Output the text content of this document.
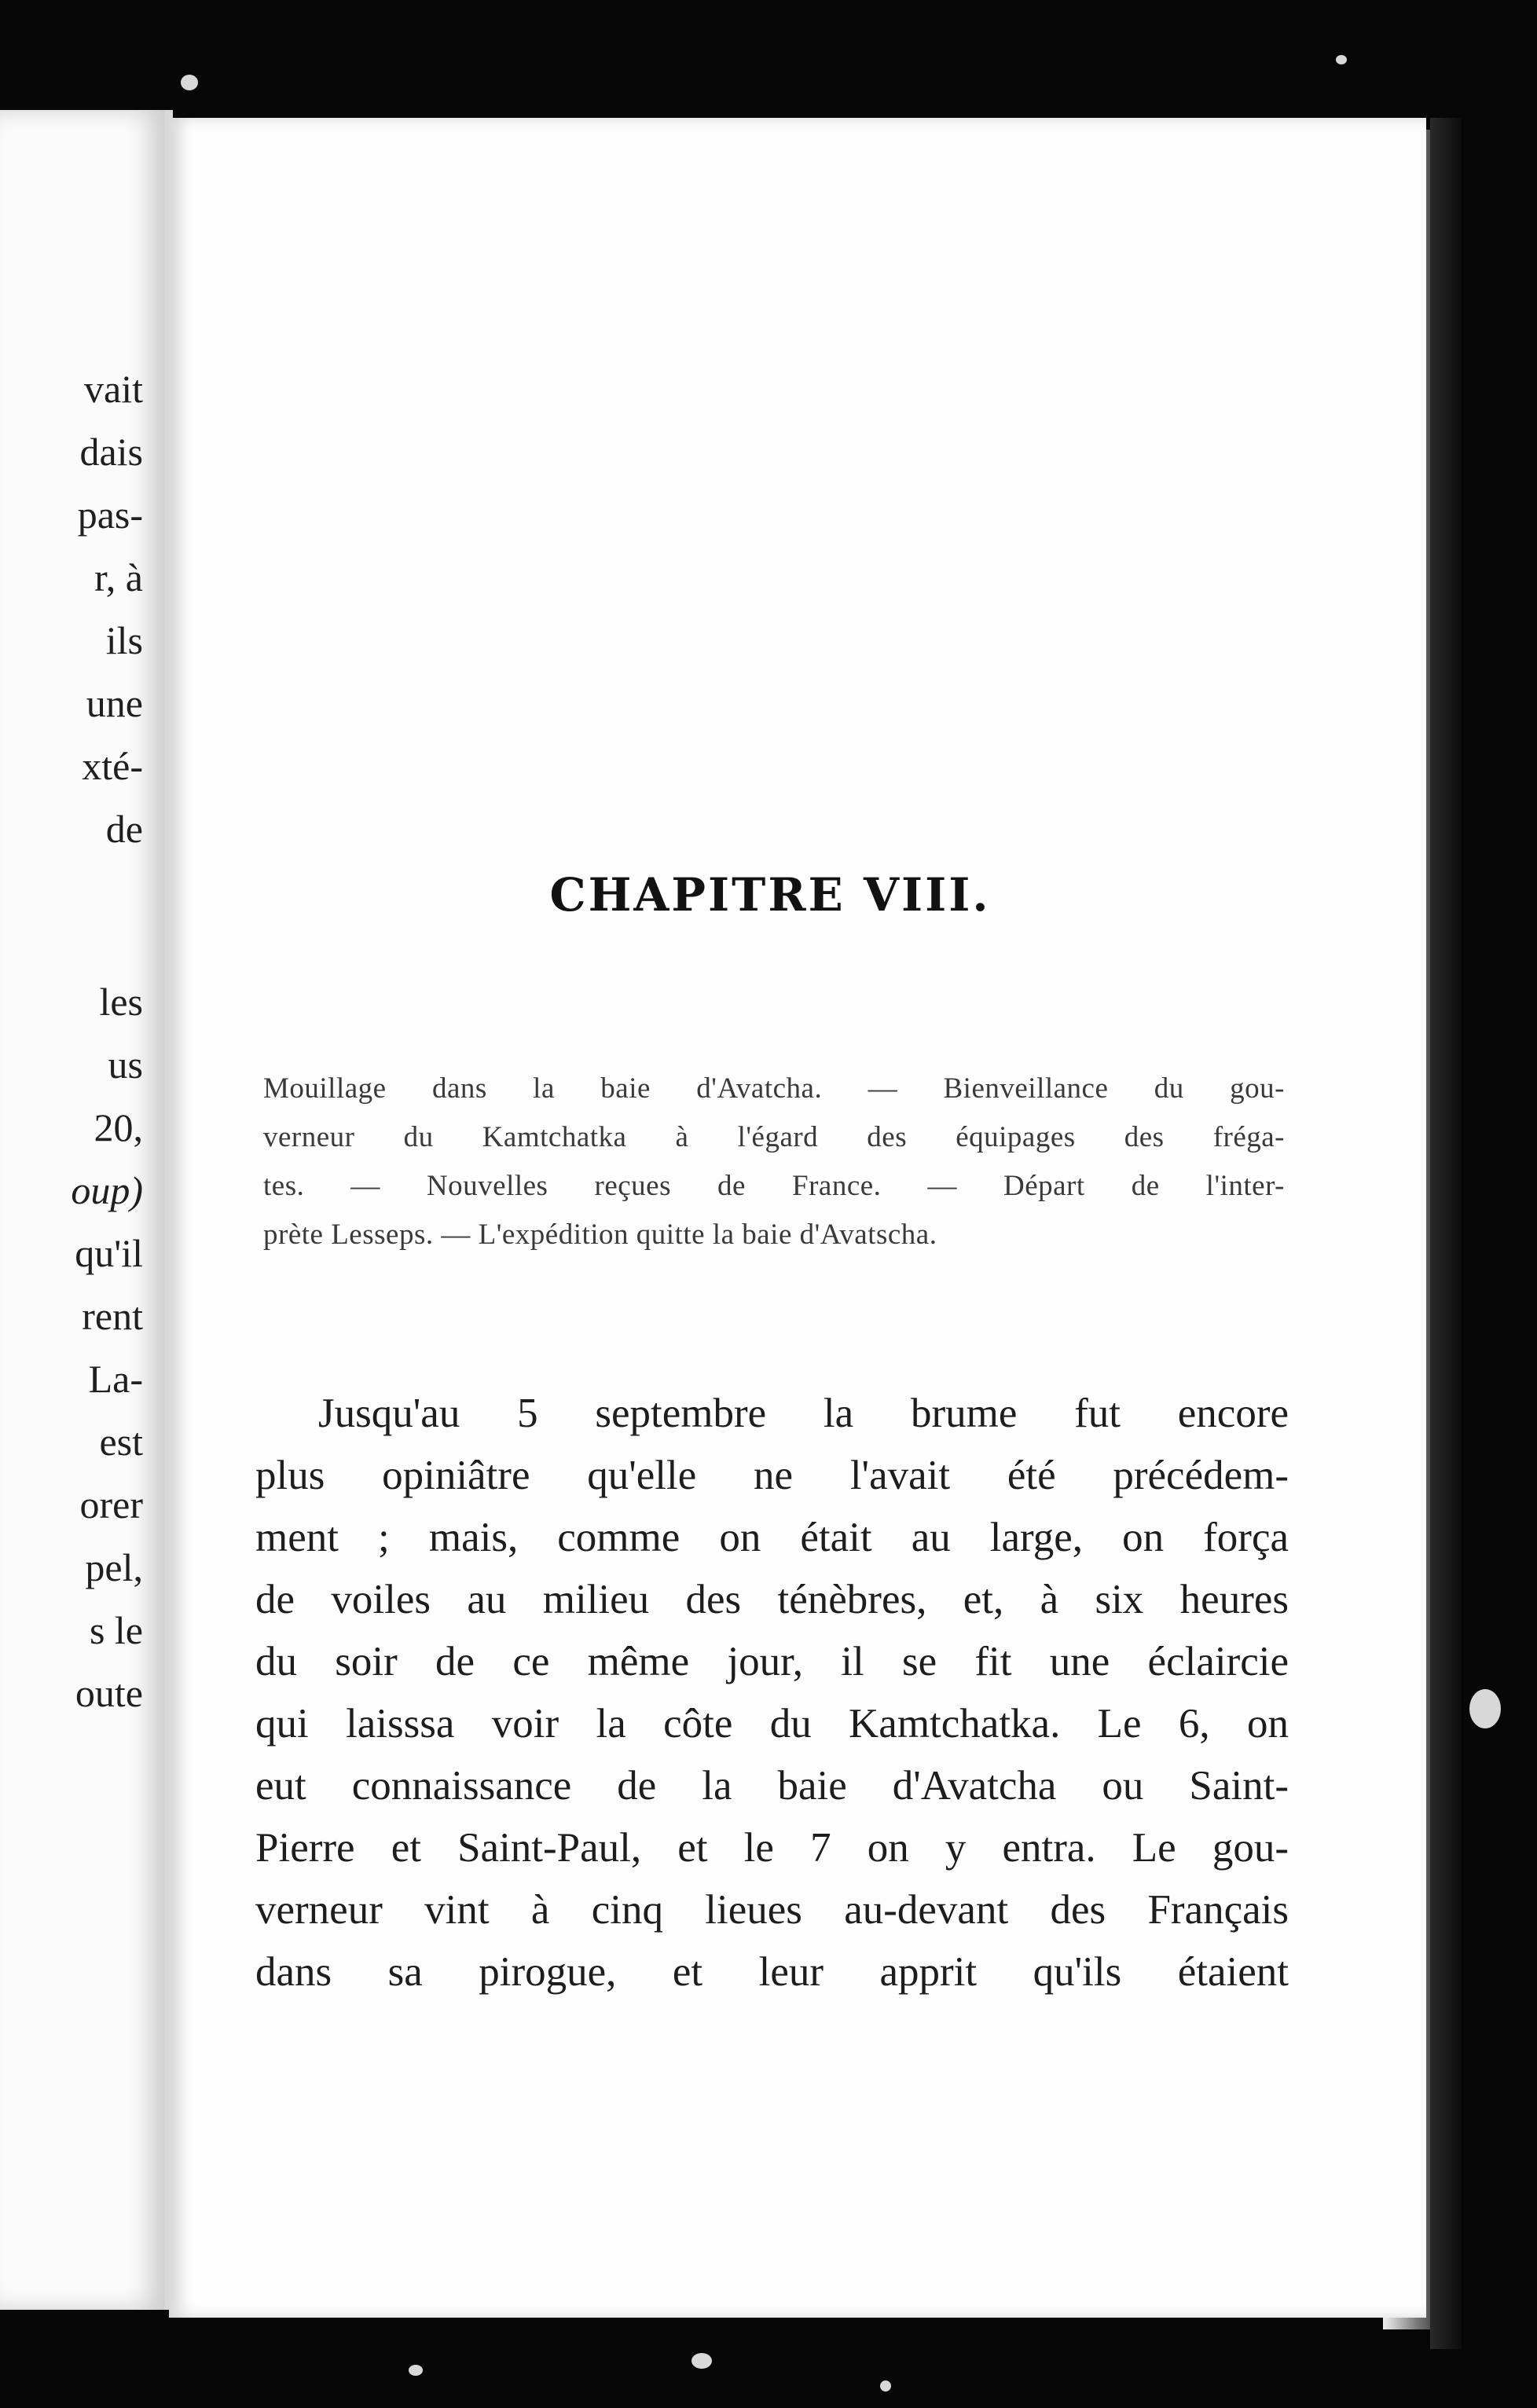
vait
dais
pas-
r, à
ils
une
xté-
de
les
us
20,
oup)
qu'il
rent
La-
est
orer
pel,
s le
oute
CHAPITRE VIII.
Mouillage dans la baie d'Avatcha. — Bienveillance du gou-
verneur du Kamtchatka à l'égard des équipages des fréga-
tes. — Nouvelles reçues de France. — Départ de l'inter-
prète Lesseps. — L'expédition quitte la baie d'Avatscha.
Jusqu'au 5 septembre la brume fut encore
plus opiniâtre qu'elle ne l'avait été précédem-
ment ; mais, comme on était au large, on força
de voiles au milieu des ténèbres, et, à six heures
du soir de ce même jour, il se fit une éclaircie
qui laisssa voir la côte du Kamtchatka. Le 6, on
eut connaissance de la baie d'Avatcha ou Saint-
Pierre et Saint-Paul, et le 7 on y entra. Le gou-
verneur vint à cinq lieues au-devant des Français
dans sa pirogue, et leur apprit qu'ils étaient
